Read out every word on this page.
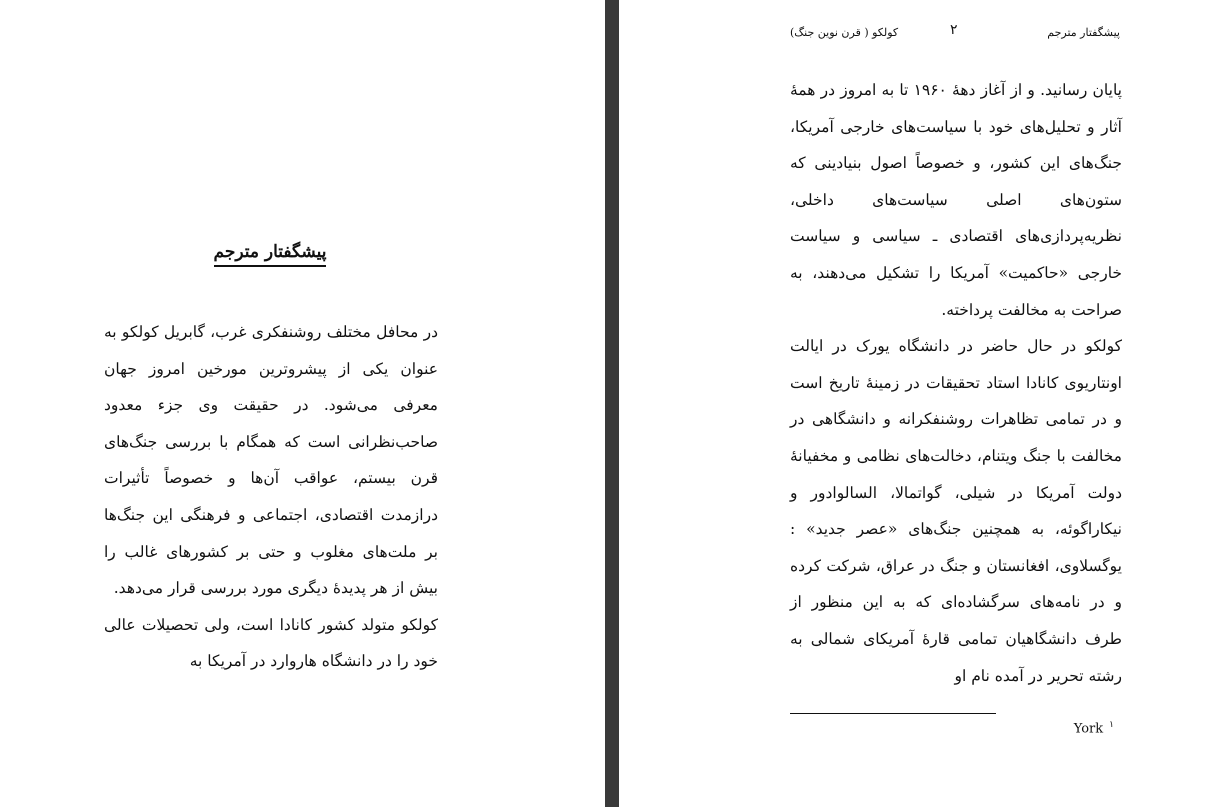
پیشگفتار مترجم

در محافل مختلف روشنفکری غرب، گابریل کولکو به عنوان یکی از پیشروترین مورخین امروز جهان معرفی می‌شود. در حقیقت وی جزء معدود صاحب‌نظرانی است که همگام با بررسی جنگ‌های قرن بیستم، عواقب آن‌ها و خصوصاً تأثیرات درازمدت اقتصادی، اجتماعی و فرهنگی این جنگ‌ها بر ملت‌های مغلوب و حتی بر کشورهای غالب را بیش از هر پدیدهٔ دیگری مورد بررسی قرار می‌دهد.

کولکو متولد کشور کانادا است، ولی تحصیلات عالی خود را در دانشگاه هاروارد در آمریکا به

پیشگفتار مترجم
۲
کولکو ( قرن نوین جنگ)

پایان رسانید. و از آغاز دههٔ ۱۹۶۰ تا به امروز در همهٔ آثار و تحلیل‌های خود با سیاست‌های خارجی آمریکا، جنگ‌های این کشور، و خصوصاً اصول بنیادینی که ستون‌های اصلی سیاست‌های داخلی، نظریه‌پردازی‌های اقتصادی ـ سیاسی و سیاست خارجی «حاکمیت» آمریکا را تشکیل می‌دهند، به صراحت به مخالفت پرداخته.

کولکو در حال حاضر در دانشگاه یورک در ایالت اونتاریوی کانادا استاد تحقیقات در زمینهٔ تاریخ است و در تمامی تظاهرات روشنفکرانه و دانشگاهی در مخالفت با جنگ ویتنام، دخالت‌های نظامی و مخفیانهٔ دولت آمریکا در شیلی، گواتمالا، السالوادور و نیکاراگوئه، به همچنین جنگ‌های «عصر جدید» : یوگسلاوی، افغانستان و جنگ در عراق، شرکت کرده و در نامه‌های سرگشاده‌ای که به این منظور از طرف دانشگاهیان تمامی قارهٔ آمریکای شمالی به رشته تحریر در آمده نام او

York $^۱$
